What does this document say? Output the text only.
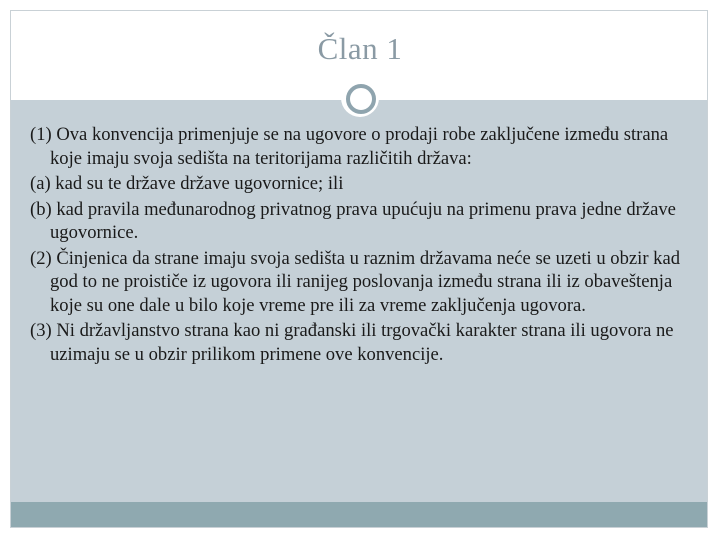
Član 1

(1) Ova konvencija primenjuje se na ugovore o prodaji robe zaključene između strana koje imaju svoja sedišta na teritorijama različitih država:

(a) kad su te države države ugovornice; ili

(b) kad pravila međunarodnog privatnog prava upućuju na primenu prava jedne države ugovornice.

(2) Činjenica da strane imaju svoja sedišta u raznim državama neće se uzeti u obzir kad god to ne proističe iz ugovora ili ranijeg poslovanja između strana ili iz obaveštenja koje su one dale u bilo koje vreme pre ili za vreme zaključenja ugovora.

(3) Ni državljanstvo strana kao ni građanski ili trgovački karakter strana ili ugovora ne uzimaju se u obzir prilikom primene ove konvencije.
